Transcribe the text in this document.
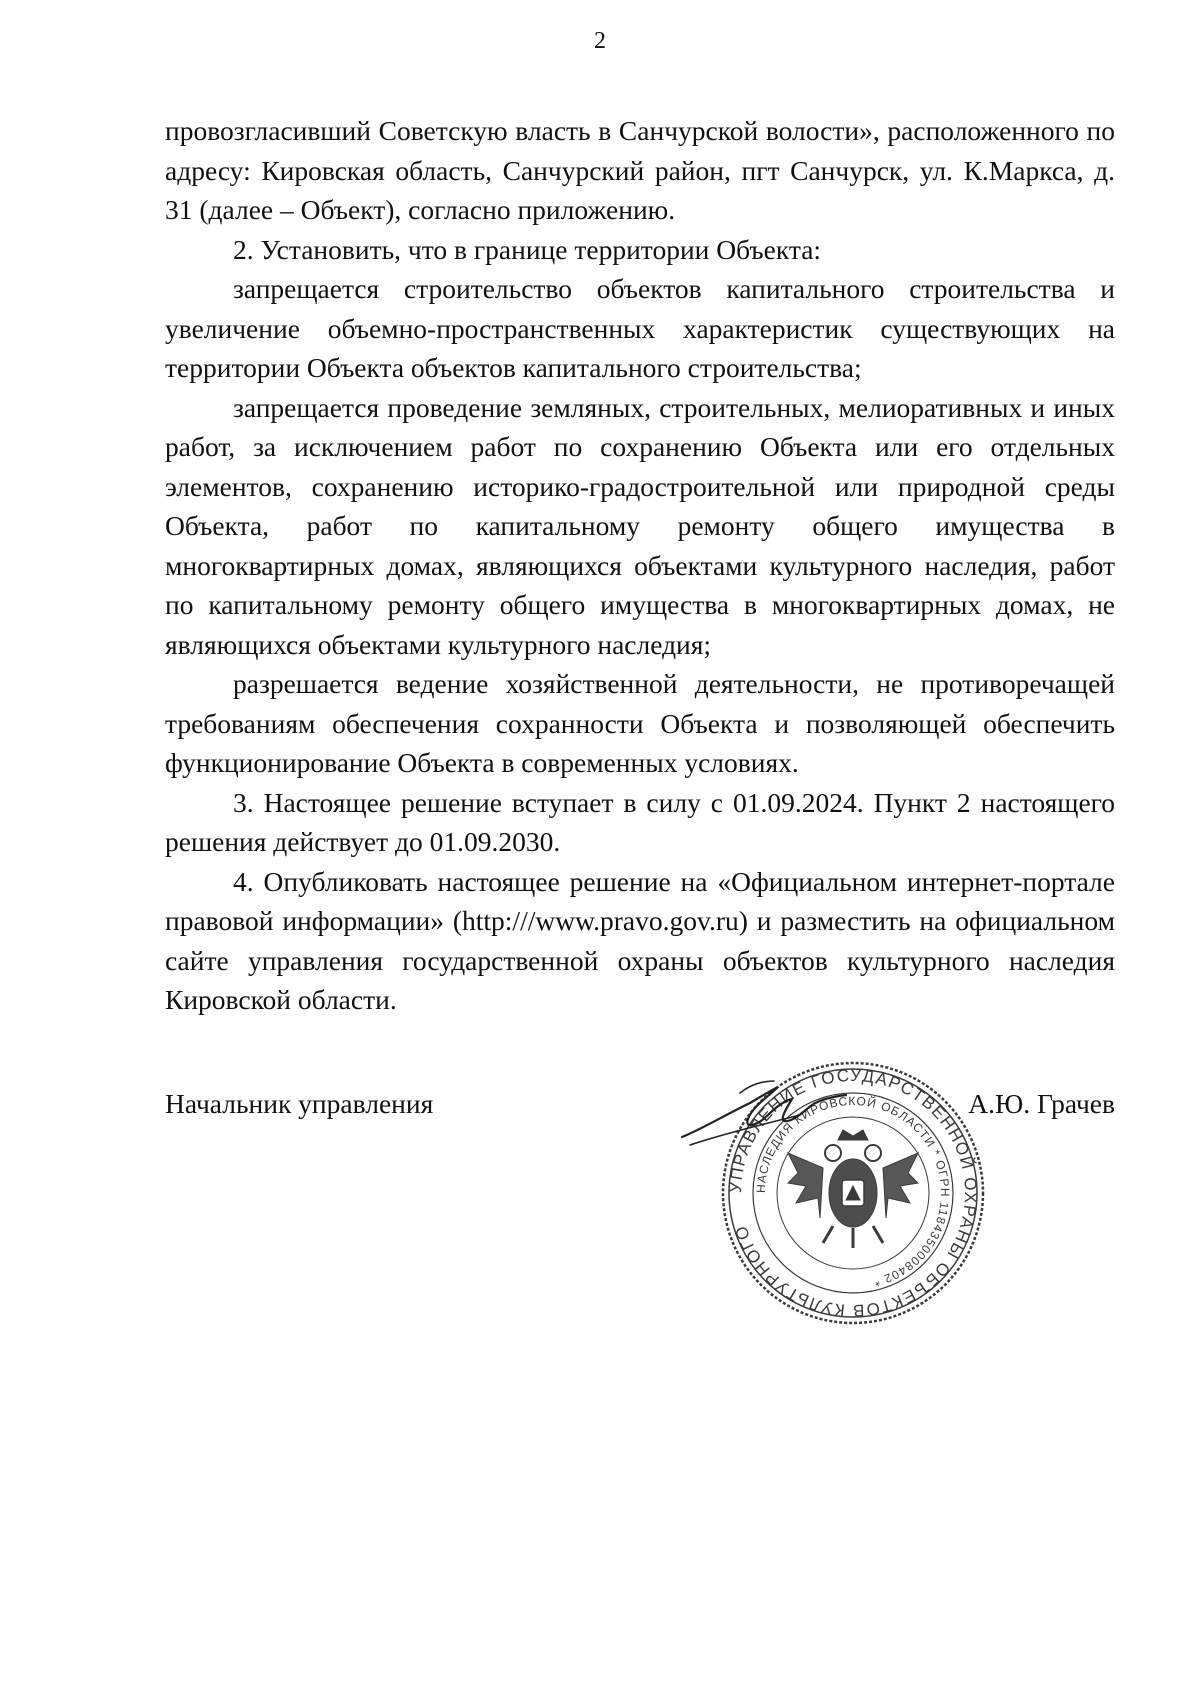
2

провозгласивший Советскую власть в Санчурской волости», расположенного по адресу: Кировская область, Санчурский район, пгт Санчурск, ул. К.Маркса, д. 31 (далее – Объект), согласно приложению.

2. Установить, что в границе территории Объекта:

запрещается строительство объектов капитального строительства и увеличение объемно-пространственных характеристик существующих на территории Объекта объектов капитального строительства;

запрещается проведение земляных, строительных, мелиоративных и иных работ, за исключением работ по сохранению Объекта или его отдельных элементов, сохранению историко-градостроительной или природной среды Объекта, работ по капитальному ремонту общего имущества в многоквартирных домах, являющихся объектами культурного наследия, работ по капитальному ремонту общего имущества в многоквартирных домах, не являющихся объектами культурного наследия;

разрешается ведение хозяйственной деятельности, не противоречащей требованиям обеспечения сохранности Объекта и позволяющей обеспечить функционирование Объекта в современных условиях.

3. Настоящее решение вступает в силу с 01.09.2024. Пункт 2 настоящего решения действует до 01.09.2030.

4. Опубликовать настоящее решение на «Официальном интернет-портале правовой информации» (http:///www.pravo.gov.ru) и разместить на официальном сайте управления государственной охраны объектов культурного наследия Кировской области.

Начальник управления
УПРАВЛЕНИЕ ГОСУДАРСТВЕННОЙ ОХРАНЫ ОБЪЕКТОВ КУЛЬТУРНОГО
НАСЛЕДИЯ КИРОВСКОЙ ОБЛАСТИ * ОГРН 1184350008402 *
А.Ю. Грачев
